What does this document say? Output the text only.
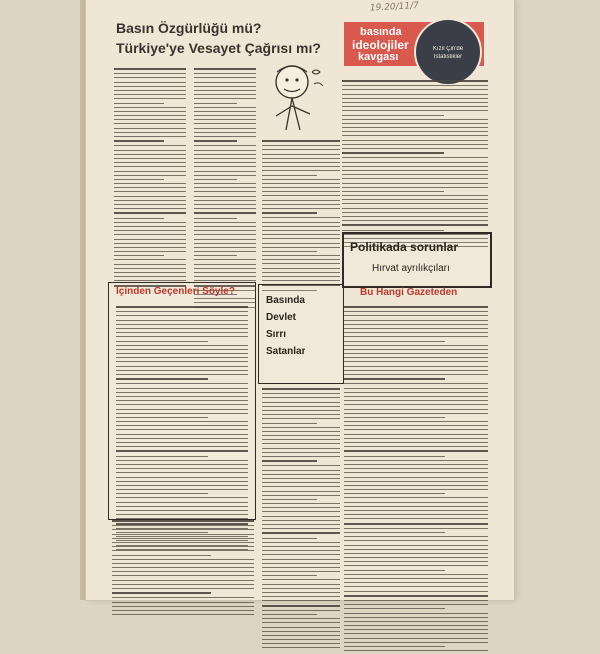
19.20/11/7
Basın Özgürlüğü mü?
Türkiye'ye Vesayet Çağrısı mı?
basında
ideolojiler
kavgası
Kızıl Çin'de
İstatistikler
İçinden Geçenleri Söyle?
Basında
Devlet
Sırrı
Satanlar
Politikada sorunlar
Hırvat ayrılıkçıları
Bu Hangi Gazeteden
